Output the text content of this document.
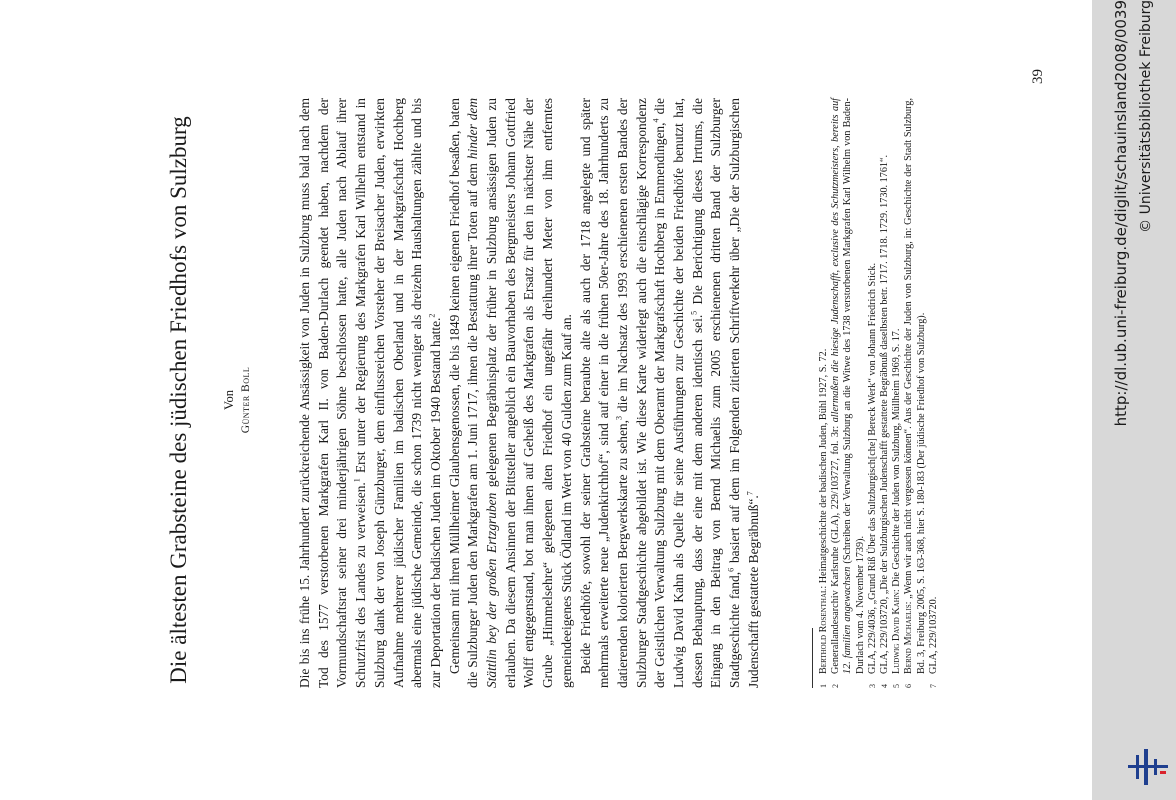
39
Die ältesten Grabsteine des jüdischen Friedhofs von Sulzburg Von Günter Boll	Die bis ins frühe 15. Jahrhundert zurückreichende Ansässigkeit von Juden in Sulzburg muss bald nach dem Tod des 1577 verstorbenen Markgrafen Karl II. von Baden-Durlach geendet haben, nachdem der Vormundschaftsrat seiner drei minderjährigen Söhne beschlossen hatte, alle Juden nach Ablauf ihrer Schutzfrist des Landes zu verweisen.$^1$ Erst unter der Regierung des Markgrafen Karl Wilhelm entstand in Sulzburg dank der von Joseph Günzburger, dem einflussreichen Vorsteher der Breisacher Juden, erwirkten Aufnahme mehrerer jüdischer Familien im badischen Oberland und in der Markgrafschaft Hochberg abermals eine jüdische Gemeinde, die schon 1739 nicht weniger als dreizehn Haushaltungen zählte und bis zur Deportation der badischen Juden im Oktober 1940 Bestand hatte.$^2$ Gemeinsam mit ihren Müllheimer Glaubensgenossen, die bis 1849 keinen eigenen Friedhof besaßen, baten die Sulzburger Juden den Markgrafen am 1. Juni 1717, ihnen die Bestattung ihrer Toten auf dem hinder dem Stättlin bey der großen Ertzgruben gelegenen Begräbnisplatz der früher in Sulzburg ansässigen Juden zu erlauben. Da diesem Ansinnen der Bittsteller angeblich ein Bauvorhaben des Bergmeisters Johann Gottfried Wolff entgegenstand, bot man ihnen auf Geheiß des Markgrafen als Ersatz für den in nächster Nähe der Grube „Himmelsehre“ gelegenen alten Friedhof ein ungefähr dreihundert Meter von ihm entferntes gemeindeeigenes Stück Ödland im Wert von 40 Gulden zum Kauf an. Beide Friedhöfe, sowohl der seiner Grabsteine beraubte alte als auch der 1718 angelegte und später mehrmals erweiterte neue „Judenkirchhof“, sind auf einer in die frühen 50er-Jahre des 18. Jahrhunderts zu datierenden kolorierten Bergwerkskarte zu sehen,$^3$ die im Nachsatz des 1993 erschienenen ersten Bandes der Sulzburger Stadtgeschichte abgebildet ist. Wie diese Karte widerlegt auch die einschlägige Korrespondenz der Geistlichen Verwaltung Sulzburg mit dem Oberamt der Markgrafschaft Hochberg in Emmendingen,$^4$ die Ludwig David Kahn als Quelle für seine Ausführungen zur Geschichte der beiden Friedhöfe benutzt hat, dessen Behauptung, dass der eine mit dem anderen identisch sei.$^5$ Die Berichtigung dieses Irrtums, die Eingang in den Beitrag von Bernd Michaelis zum 2005 erschienenen dritten Band der Sulzburger Stadtgeschichte fand,$^6$ basiert auf dem im Folgenden zitierten Schriftverkehr über „Die der Sulzburgischen Judenschafft gestattete Begräbnuß“.$^7$

1
Berthold Rosenthal: Heimatgeschichte der badischen Juden, Bühl 1927, S. 72.
2
Generallandesarchiv Karlsruhe (GLA), 229/103727, fol. 3r: allermaßen die hiesige Judenschafft, exclusive des Schutzmeisters, bereits auf 12. familien angewachsen (Schreiben der Verwaltung Sulzburg an die Witwe des 1738 verstorbenen Markgrafen Karl Wilhelm von Baden-Durlach vom 4. November 1739).
3
GLA, 229/4036, „Grund Riß Über das Sultzburgisch[che] Bereck Werk“ von Johann Friedrich Stick.
4
GLA, 229/103720, „Die der Sulzburgischen Judenschafft gestattete Begräbnuß daselbsten betr. 1717. 1718. 1729. 1730. 1761“.
5
Ludwig David Kahn: Die Geschichte der Juden von Sulzburg, Müllheim 1969, S. 17.
6
Bernd Michaelis: „Wenn wir auch nicht vergessen können“. Aus der Geschichte der Juden von Sulzburg, in: Geschichte der Stadt Sulzburg, Bd. 3, Freiburg 2005, S. 163-368, hier S. 180-183 (Der jüdische Friedhof von Sulzburg).
7
GLA, 229/103720.
http://dl.ub.uni-freiburg.de/diglit/schauinsland2008/0039 © Universitätsbibliothek Freiburg
